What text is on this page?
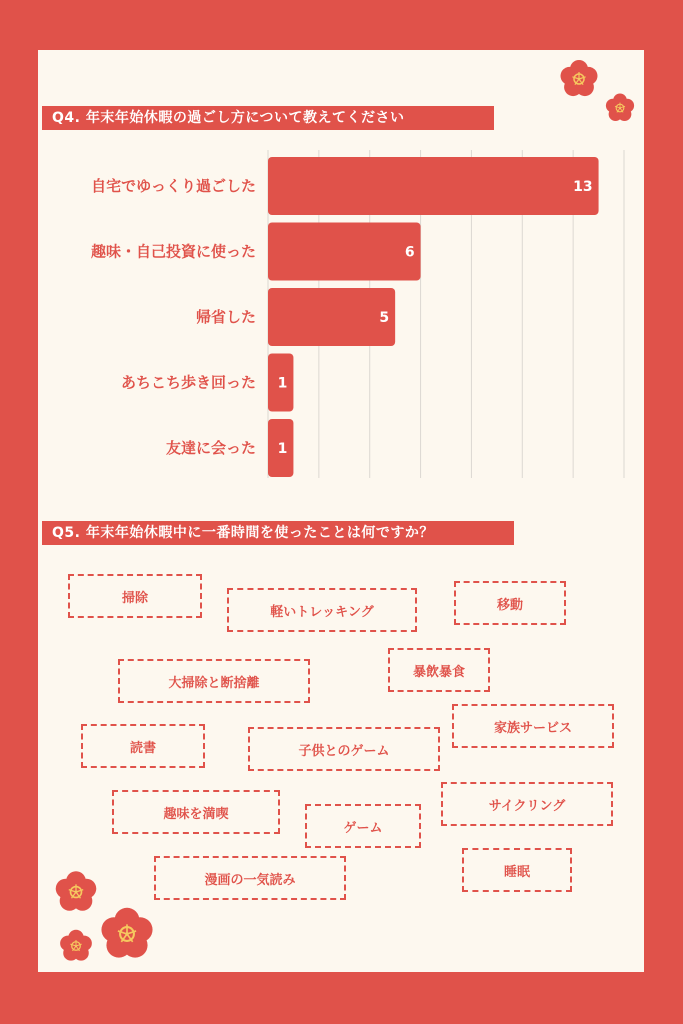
Q4. 年末年始休暇の過ごし方について教えてください
13
自宅でゆっくり過ごした
6
趣味・自己投資に使った
5
帰省した
1
あちこち歩き回った
1
友達に会った
Q5. 年末年始休暇中に一番時間を使ったことは何ですか？
掃除
軽いトレッキング	移動
大掃除と断捨離
暴飲暴食
家族サービス
読書	子供とのゲーム
趣味を満喫
サイクリング
ゲーム
睡眠
漫画の一気読み
